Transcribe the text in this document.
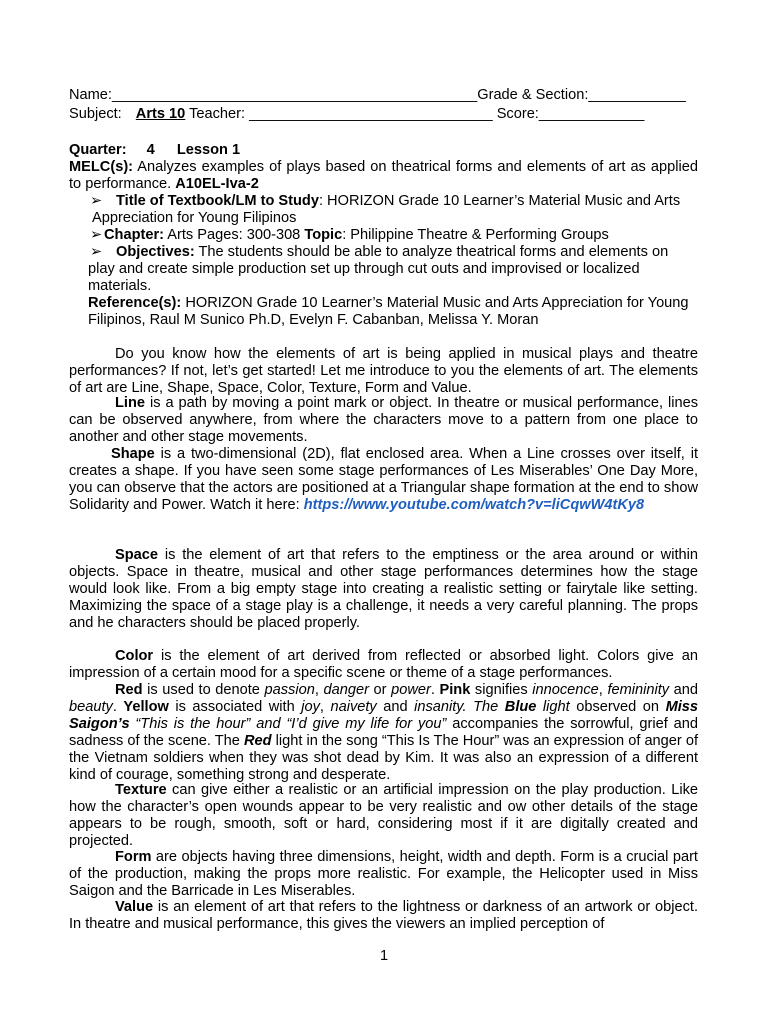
Name:_____________________________________________Grade & Section:____________
Subject: Arts 10 Teacher: ______________________________ Score:_____________
Quarter: 4 Lesson 1

MELC(s): Analyzes examples of plays based on theatrical forms and elements of art as applied to performance. A10EL-Iva-2

➢ Title of Textbook/LM to Study: HORIZON Grade 10 Learner’s Material Music and Arts Appreciation for Young Filipinos

➢ Chapter: Arts Pages: 300-308 Topic: Philippine Theatre & Performing Groups
➢ Objectives: The students should be able to analyze theatrical forms and elements on play and create simple production set up through cut outs and improvised or localized materials.

Reference(s): HORIZON Grade 10 Learner’s Material Music and Arts Appreciation for Young Filipinos, Raul M Sunico Ph.D, Evelyn F. Cabanban, Melissa Y. Moran

Do you know how the elements of art is being applied in musical plays and theatre performances? If not, let’s get started! Let me introduce to you the elements of art. The elements of art are Line, Shape, Space, Color, Texture, Form and Value.

Line is a path by moving a point mark or object. In theatre or musical performance, lines can be observed anywhere, from where the characters move to a pattern from one place to another and other stage movements.

Shape is a two-dimensional (2D), flat enclosed area. When a Line crosses over itself, it creates a shape. If you have seen some stage performances of Les Miserables’ One Day More, you can observe that the actors are positioned at a Triangular shape formation at the end to show Solidarity and Power. Watch it here: https://www.youtube.com/watch?v=liCqwW4tKy8

Space is the element of art that refers to the emptiness or the area around or within objects. Space in theatre, musical and other stage performances determines how the stage would look like. From a big empty stage into creating a realistic setting or fairytale like setting. Maximizing the space of a stage play is a challenge, it needs a very careful planning. The props and he characters should be placed properly.

Color is the element of art derived from reflected or absorbed light. Colors give an impression of a certain mood for a specific scene or theme of a stage performances.

Red is used to denote passion, danger or power. Pink signifies innocence, femininity and beauty. Yellow is associated with joy, naivety and insanity. The Blue light observed on Miss Saigon’s “This is the hour” and “I’d give my life for you” accompanies the sorrowful, grief and sadness of the scene. The Red light in the song “This Is The Hour” was an expression of anger of the Vietnam soldiers when they was shot dead by Kim. It was also an expression of a different kind of courage, something strong and desperate.

Texture can give either a realistic or an artificial impression on the play production. Like how the character’s open wounds appear to be very realistic and ow other details of the stage appears to be rough, smooth, soft or hard, considering most if it are digitally created and projected.

Form are objects having three dimensions, height, width and depth. Form is a crucial part of the production, making the props more realistic. For example, the Helicopter used in Miss Saigon and the Barricade in Les Miserables.

Value is an element of art that refers to the lightness or darkness of an artwork or object. In theatre and musical performance, this gives the viewers an implied perception of

1
